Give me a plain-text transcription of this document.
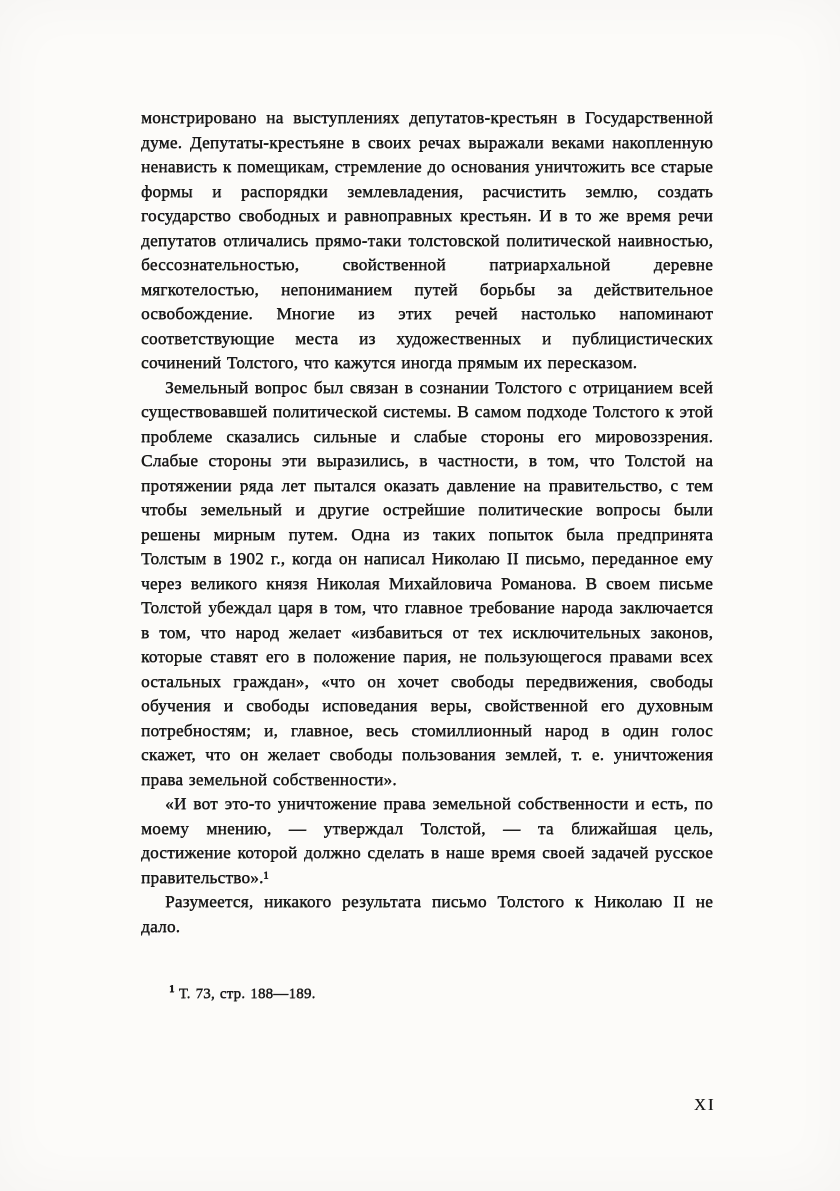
монстрировано на выступлениях депутатов-крестьян в Государственной думе. Депутаты-крестьяне в своих речах выражали веками накопленную ненависть к помещикам, стремление до основания уничтожить все старые формы и распорядки землевладения, расчистить землю, создать государство свободных и равноправных крестьян. И в то же время речи депутатов отличались прямо-таки толстовской политической наивностью, бессознательностью, свойственной патриархальной деревне мягкотелостью, непониманием путей борьбы за действительное освобождение. Многие из этих речей настолько напоминают соответствующие места из художественных и публицистических сочинений Толстого, что кажутся иногда прямым их пересказом.

Земельный вопрос был связан в сознании Толстого с отрицанием всей существовавшей политической системы. В самом подходе Толстого к этой проблеме сказались сильные и слабые стороны его мировоззрения. Слабые стороны эти выразились, в частности, в том, что Толстой на протяжении ряда лет пытался оказать давление на правительство, с тем чтобы земельный и другие острейшие политические вопросы были решены мирным путем. Одна из таких попыток была предпринята Толстым в 1902 г., когда он написал Николаю II письмо, переданное ему через великого князя Николая Михайловича Романова. В своем письме Толстой убеждал царя в том, что главное требование народа заключается в том, что народ желает «избавиться от тех исключительных законов, которые ставят его в положение пария, не пользующегося правами всех остальных граждан», «что он хочет свободы передвижения, свободы обучения и свободы исповедания веры, свойственной его духовным потребностям; и, главное, весь стомиллионный народ в один голос скажет, что он желает свободы пользования землей, т. е. уничтожения права земельной собственности».

«И вот это-то уничтожение права земельной собственности и есть, по моему мнению, — утверждал Толстой, — та ближайшая цель, достижение которой должно сделать в наше время своей задачей русское правительство».¹

Разумеется, никакого результата письмо Толстого к Николаю II не дало.

$^1$ Т. 73, стр. 188—189.
XI
